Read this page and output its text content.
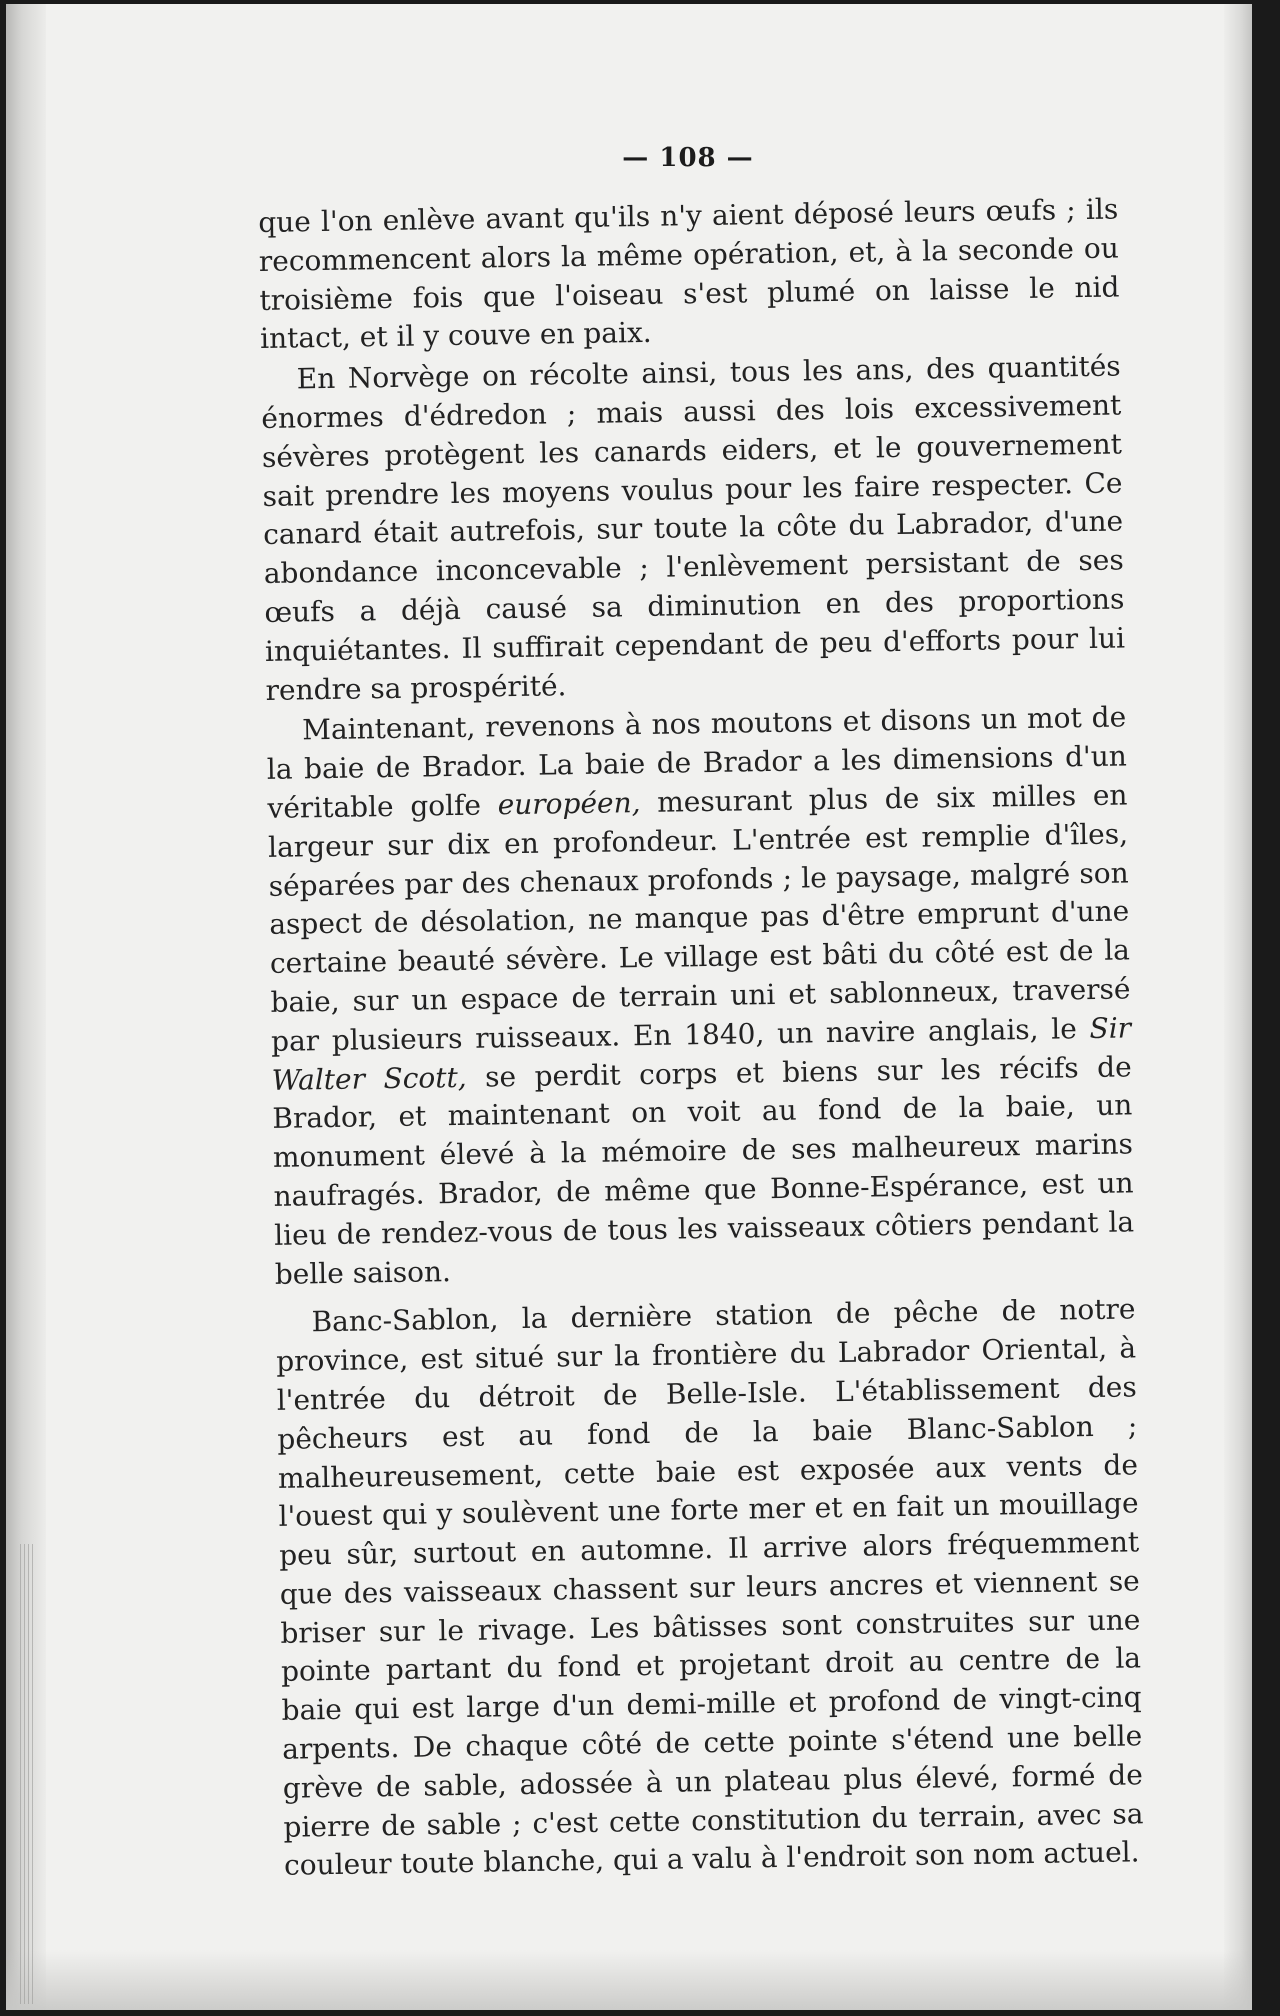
— 108 —

que l'on enlève avant qu'ils n'y aient déposé leurs œufs ; ils recommencent alors la même opération, et, à la seconde ou troisième fois que l'oiseau s'est plumé on laisse le nid intact, et il y couve en paix.

En Norvège on récolte ainsi, tous les ans, des quantités énormes d'édredon ; mais aussi des lois excessivement sévères protègent les canards eiders, et le gouvernement sait prendre les moyens voulus pour les faire respecter. Ce canard était autrefois, sur toute la côte du Labrador, d'une abondance inconcevable ; l'enlèvement persistant de ses œufs a déjà causé sa diminution en des proportions inquiétantes. Il suffirait cependant de peu d'efforts pour lui rendre sa prospérité.

Maintenant, revenons à nos moutons et disons un mot de la baie de Brador. La baie de Brador a les dimensions d'un véritable golfe européen, mesurant plus de six milles en largeur sur dix en profondeur. L'entrée est remplie d'îles, séparées par des chenaux profonds ; le paysage, malgré son aspect de désolation, ne manque pas d'être emprunt d'une certaine beauté sévère. Le village est bâti du côté est de la baie, sur un espace de terrain uni et sablonneux, traversé par plusieurs ruisseaux. En 1840, un navire anglais, le Sir Walter Scott, se perdit corps et biens sur les récifs de Brador, et maintenant on voit au fond de la baie, un monument élevé à la mémoire de ses malheureux marins naufragés. Brador, de même que Bonne-Espérance, est un lieu de rendez-vous de tous les vaisseaux côtiers pendant la belle saison.

Banc-Sablon, la dernière station de pêche de notre province, est situé sur la frontière du Labrador Oriental, à l'entrée du détroit de Belle-Isle. L'établissement des pêcheurs est au fond de la baie Blanc-Sablon ; malheureusement, cette baie est exposée aux vents de l'ouest qui y soulèvent une forte mer et en fait un mouillage peu sûr, surtout en automne. Il arrive alors fréquemment que des vaisseaux chassent sur leurs ancres et viennent se briser sur le rivage. Les bâtisses sont construites sur une pointe partant du fond et projetant droit au centre de la baie qui est large d'un demi-mille et profond de vingt-cinq arpents. De chaque côté de cette pointe s'étend une belle grève de sable, adossée à un plateau plus élevé, formé de pierre de sable ; c'est cette constitution du terrain, avec sa couleur toute blanche, qui a valu à l'endroit son nom actuel.
